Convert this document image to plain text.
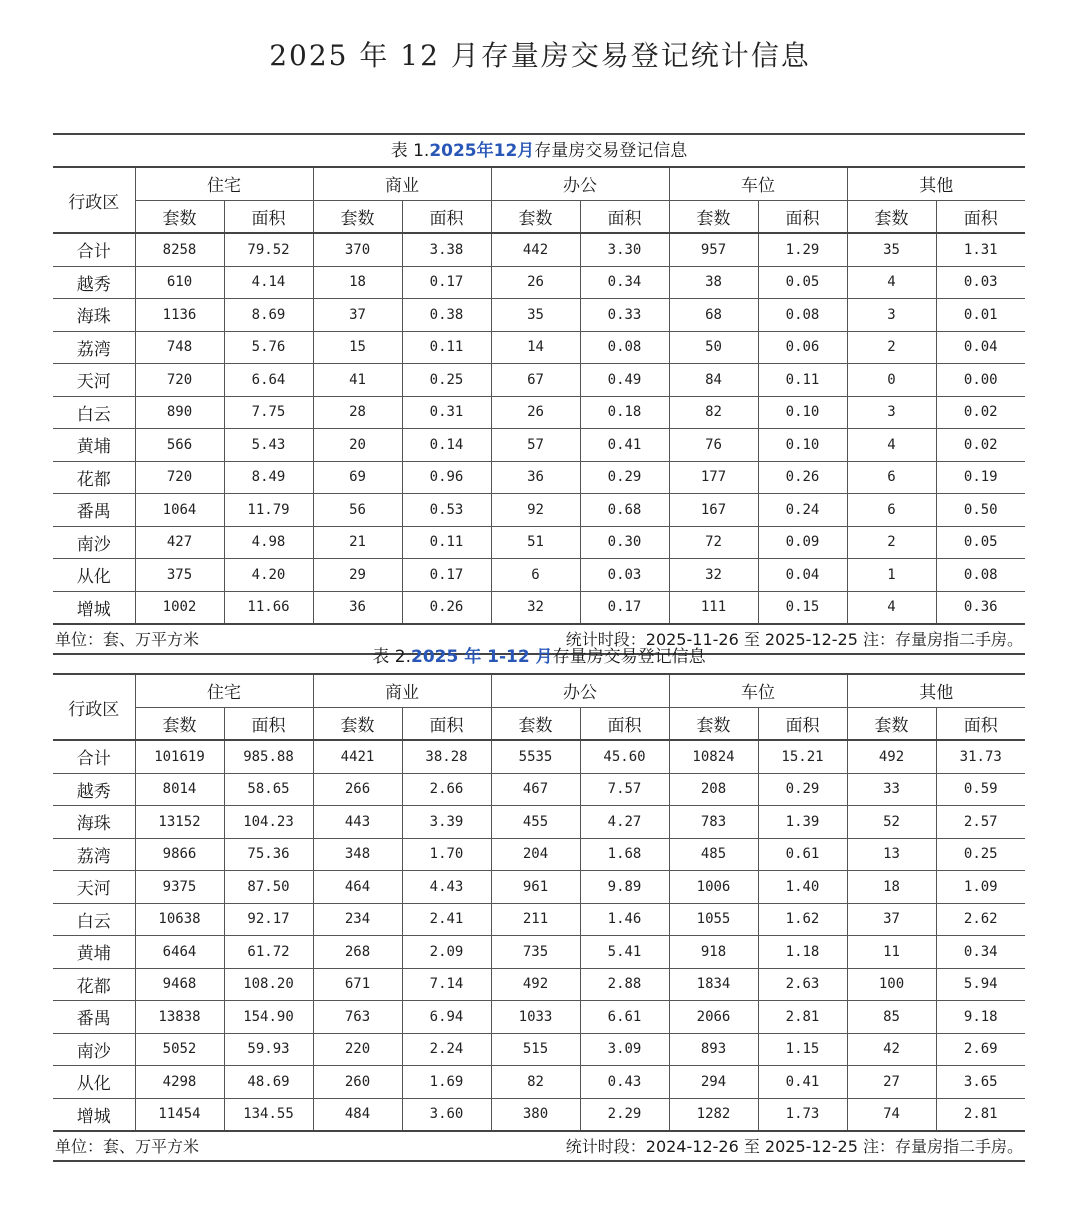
2025 年 12 月存量房交易登记统计信息
表 1.2025年12月存量房交易登记信息
行政区	住宅		商业		办公		车位		其他	
	套数	面积	套数	面积	套数	面积	套数	面积	套数	面积
合计	8258	79.52	370	3.38	442	3.30	957	1.29	35	1.31
越秀	610	4.14	18	0.17	26	0.34	38	0.05	4	0.03
海珠	1136	8.69	37	0.38	35	0.33	68	0.08	3	0.01
荔湾	748	5.76	15	0.11	14	0.08	50	0.06	2	0.04
天河	720	6.64	41	0.25	67	0.49	84	0.11	0	0.00
白云	890	7.75	28	0.31	26	0.18	82	0.10	3	0.02
黄埔	566	5.43	20	0.14	57	0.41	76	0.10	4	0.02
花都	720	8.49	69	0.96	36	0.29	177	0.26	6	0.19
番禺	1064	11.79	56	0.53	92	0.68	167	0.24	6	0.50
南沙	427	4.98	21	0.11	51	0.30	72	0.09	2	0.05
从化	375	4.20	29	0.17	6	0.03	32	0.04	1	0.08
增城	1002	11.66	36	0.26	32	0.17	111	0.15	4	0.36
单位：套、万平方米	统计时段：2025-11-26 至 2025-12-25 注：存量房指二手房。
表 2.2025 年 1-12 月存量房交易登记信息
行政区	住宅		商业		办公		车位		其他	
	套数	面积	套数	面积	套数	面积	套数	面积	套数	面积
合计	101619	985.88	4421	38.28	5535	45.60	10824	15.21	492	31.73
越秀	8014	58.65	266	2.66	467	7.57	208	0.29	33	0.59
海珠	13152	104.23	443	3.39	455	4.27	783	1.39	52	2.57
荔湾	9866	75.36	348	1.70	204	1.68	485	0.61	13	0.25
天河	9375	87.50	464	4.43	961	9.89	1006	1.40	18	1.09
白云	10638	92.17	234	2.41	211	1.46	1055	1.62	37	2.62
黄埔	6464	61.72	268	2.09	735	5.41	918	1.18	11	0.34
花都	9468	108.20	671	7.14	492	2.88	1834	2.63	100	5.94
番禺	13838	154.90	763	6.94	1033	6.61	2066	2.81	85	9.18
南沙	5052	59.93	220	2.24	515	3.09	893	1.15	42	2.69
从化	4298	48.69	260	1.69	82	0.43	294	0.41	27	3.65
增城	11454	134.55	484	3.60	380	2.29	1282	1.73	74	2.81
单位：套、万平方米	统计时段：2024-12-26 至 2025-12-25 注：存量房指二手房。
